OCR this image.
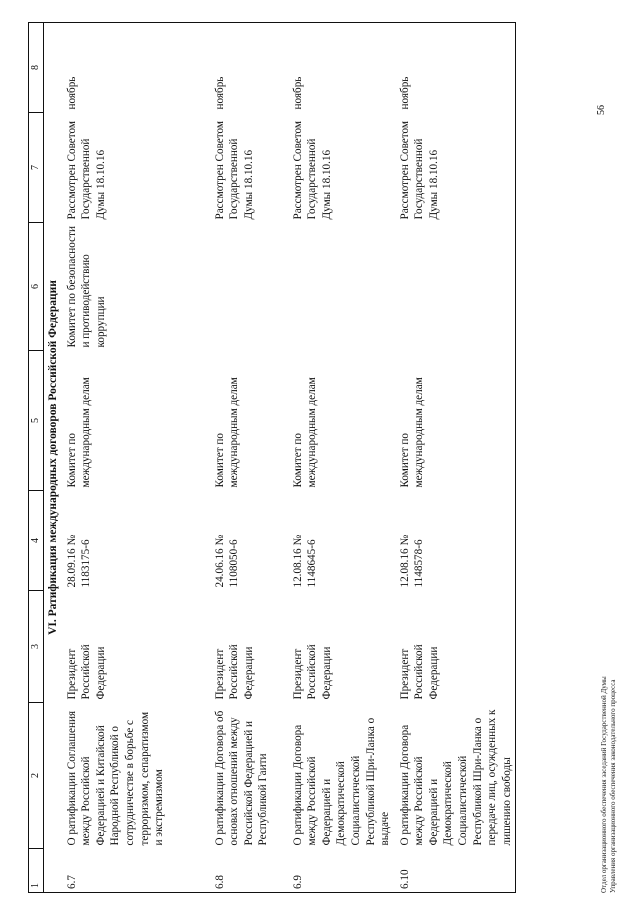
1	2	3	4	5	6	7	8
VI. Ратификация международных договоров Российской Федерации							
6.7	О ратификации Соглашения между Российской Федерацией и Китайской Народной Республикой о сотрудничестве в борьбе с терроризмом, сепаратизмом и экстремизмом	Президент Российской Федерации	28.09.16 № 1183175-6	Комитет по международным делам	Комитет по безопасности и противодействию коррупции	Рассмотрен Советом Государственной Думы 18.10.16	ноябрь
6.8	О ратификации Договора об основах отношений между Российской Федерацией и Республикой Гаити	Президент Российской Федерации	24.06.16 № 1108050-6	Комитет по международным делам		Рассмотрен Советом Государственной Думы 18.10.16	ноябрь
6.9	О ратификации Договора между Российской Федерацией и Демократической Социалистической Республикой Шри-Ланка о выдаче	Президент Российской Федерации	12.08.16 № 1148645-6	Комитет по международным делам		Рассмотрен Советом Государственной Думы 18.10.16	ноябрь
6.10	О ратификации Договора между Российской Федерацией и Демократической Социалистической Республикой Шри-Ланка о передаче лиц, осужденных к лишению свободы	Президент Российской Федерации	12.08.16 № 1148578-6	Комитет по международным делам		Рассмотрен Советом Государственной Думы 18.10.16	ноябрь
Отдел организационного обеспечения заседаний Государственной Думы Управления организационного обеспечения законодательного процесса
56
